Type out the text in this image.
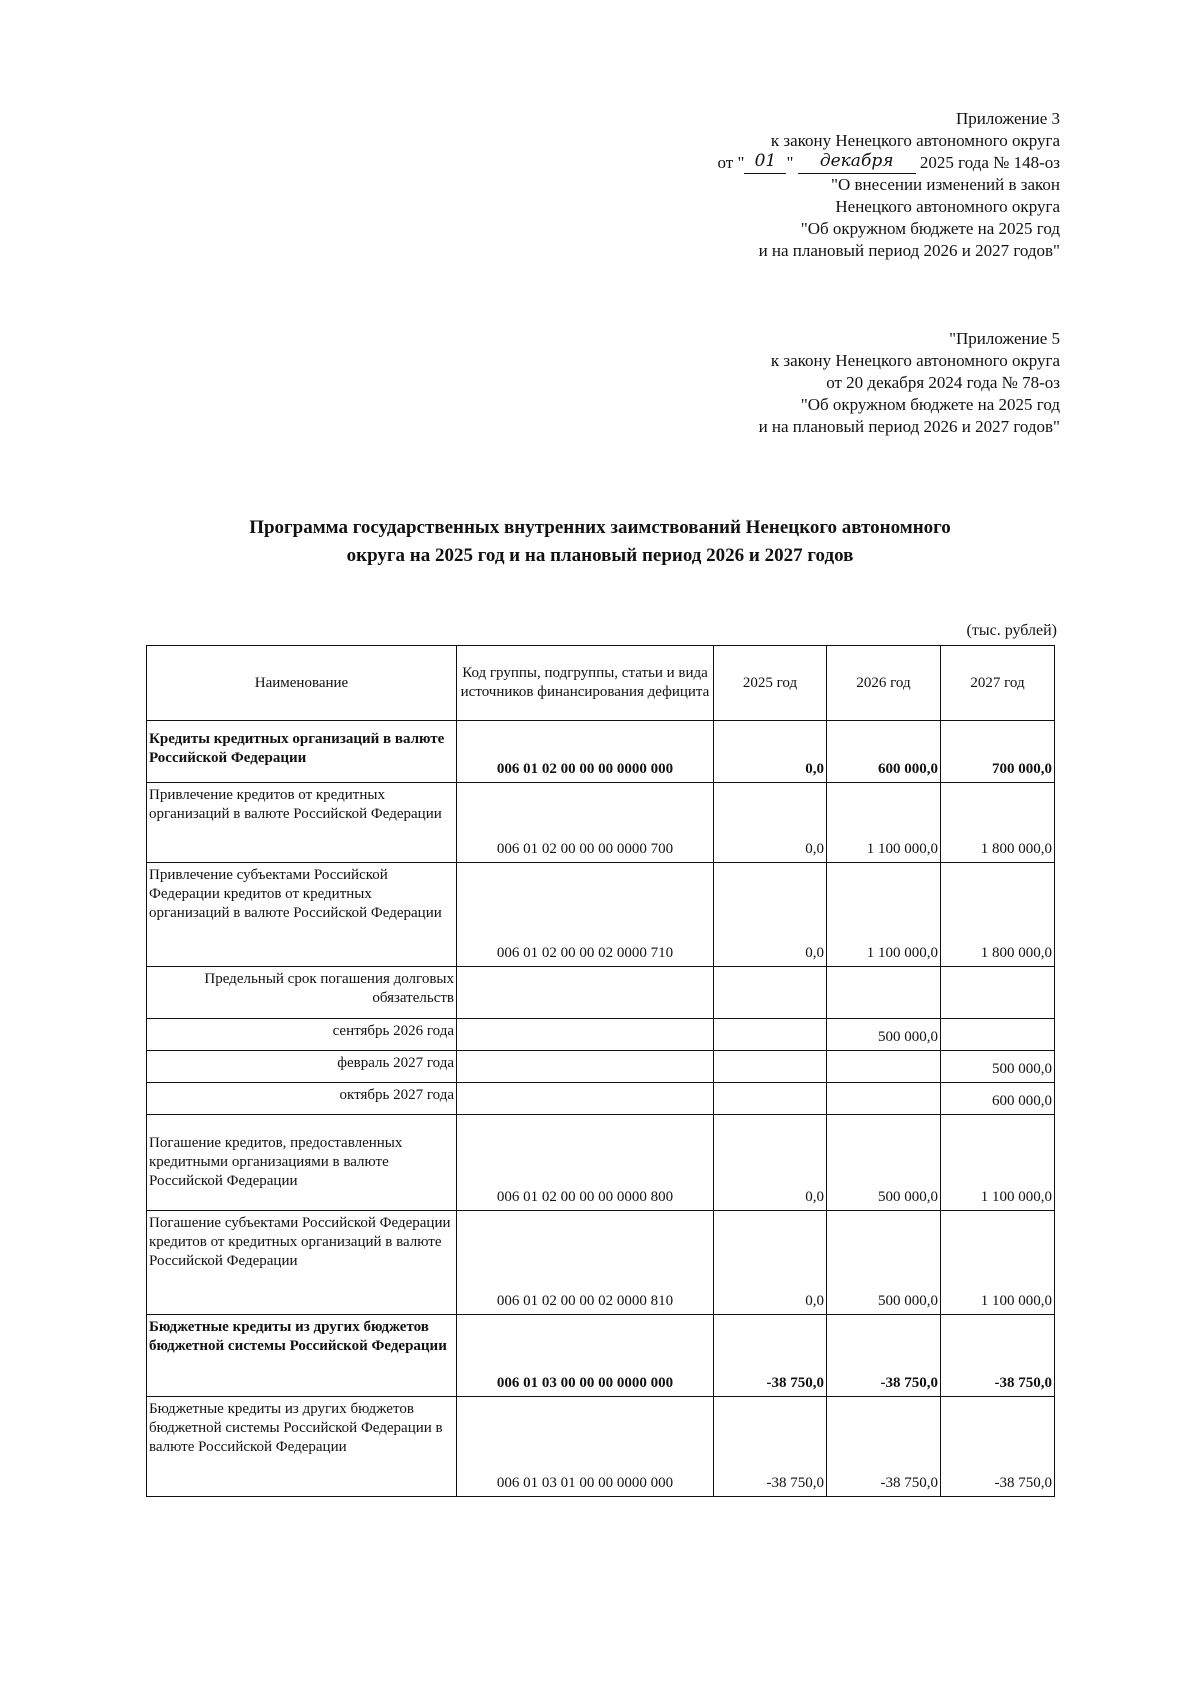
Приложение 3
к закону Ненецкого автономного округа
от " 01 " декабря 2025 года № 148-оз
"О внесении изменений в закон
Ненецкого автономного округа
"Об окружном бюджете на 2025 год
и на плановый период 2026 и 2027 годов"
"Приложение 5
к закону Ненецкого автономного округа
от 20 декабря 2024 года № 78-оз
"Об окружном бюджете на 2025 год
и на плановый период 2026 и 2027 годов"
Программа государственных внутренних заимствований Ненецкого автономного
округа на 2025 год и на плановый период 2026 и 2027 годов
(тыс. рублей)
Наименование	Код группы, подгруппы, статьи и вида источников финансирования дефицита	2025 год	2026 год	2027 год

Кредиты кредитных организаций в валюте Российской Федерации	006 01 02 00 00 00 0000 000	0,0	600 000,0	700 000,0
Привлечение кредитов от кредитных организаций в валюте Российской Федерации	006 01 02 00 00 00 0000 700	0,0	1 100 000,0	1 800 000,0
Привлечение субъектами Российской Федерации кредитов от кредитных организаций в валюте Российской Федерации	006 01 02 00 00 02 0000 710	0,0	1 100 000,0	1 800 000,0
Предельный срок погашения долговых обязательств				
сентябрь 2026 года			500 000,0	
февраль 2027 года				500 000,0
октябрь 2027 года				600 000,0
Погашение кредитов, предоставленных кредитными организациями в валюте Российской Федерации	006 01 02 00 00 00 0000 800	0,0	500 000,0	1 100 000,0
Погашение субъектами Российской Федерации кредитов от кредитных организаций в валюте Российской Федерации	006 01 02 00 00 02 0000 810	0,0	500 000,0	1 100 000,0
Бюджетные кредиты из других бюджетов бюджетной системы Российской Федерации	006 01 03 00 00 00 0000 000	-38 750,0	-38 750,0	-38 750,0
Бюджетные кредиты из других бюджетов бюджетной системы Российской Федерации в валюте Российской Федерации	006 01 03 01 00 00 0000 000	-38 750,0	-38 750,0	-38 750,0
